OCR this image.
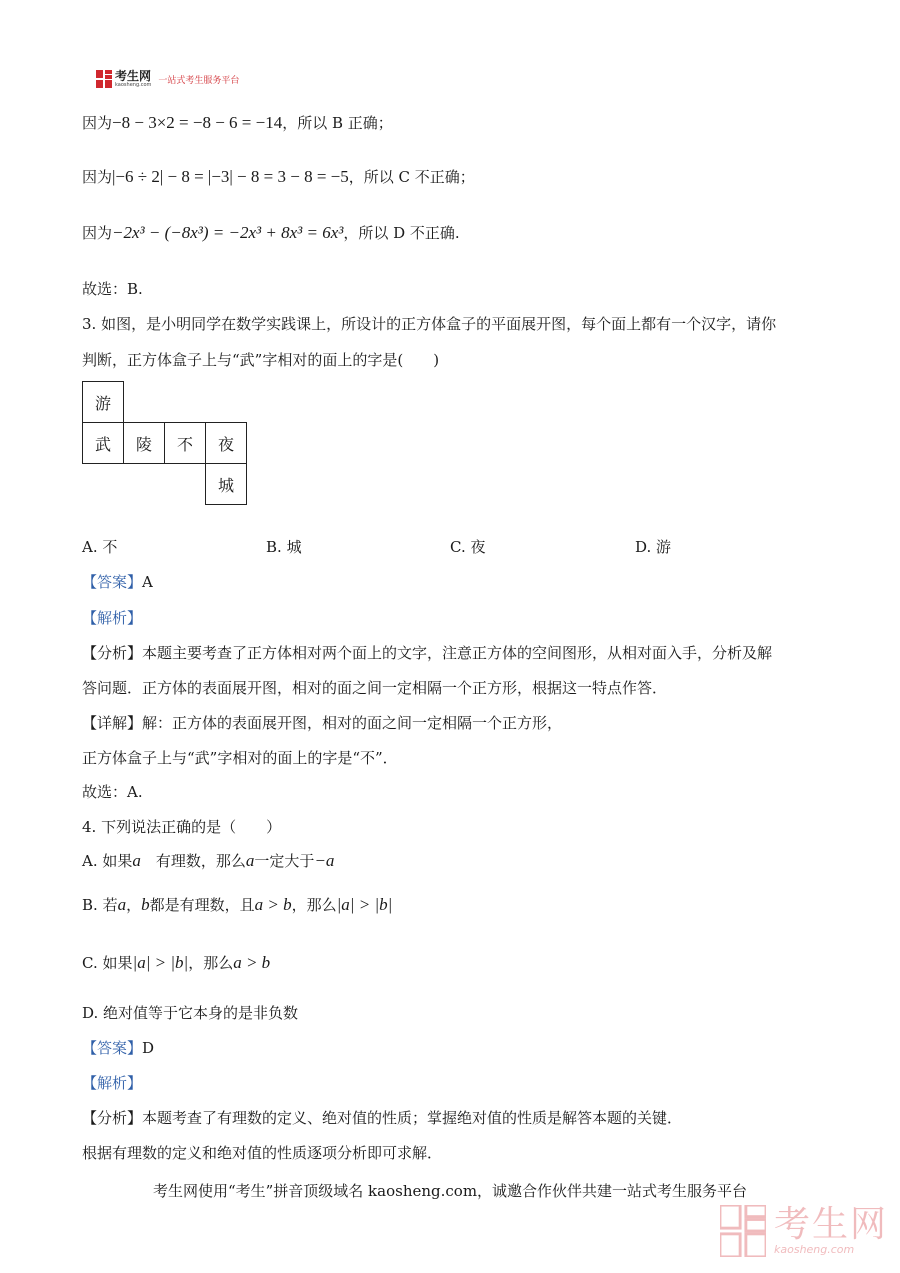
考生网
kaosheng.com 一站式考生服务平台
因为−8 − 3×2 = −8 − 6 = −14，所以 B 正确；
因为|−6 ÷ 2| − 8 = |−3| − 8 = 3 − 8 = −5，所以 C 不正确；
因为−2x³ − (−8x³) = −2x³ + 8x³ = 6x³，所以 D 不正确.
故选：B.
3. 如图，是小明同学在数学实践课上，所设计的正方体盒子的平面展开图，每个面上都有一个汉字，请你
判断，正方体盒子上与“武”字相对的面上的字是(　　)
游			
武	陵	不	夜
			城
A. 不	B. 城	C. 夜	D. 游
【答案】A
【解析】
【分析】本题主要考查了正方体相对两个面上的文字，注意正方体的空间图形，从相对面入手，分析及解
答问题．正方体的表面展开图，相对的面之间一定相隔一个正方形，根据这一特点作答．
【详解】解：正方体的表面展开图，相对的面之间一定相隔一个正方形，
正方体盒子上与“武”字相对的面上的字是“不”．
故选：A.
4. 下列说法正确的是（　　）
A. 如果a  有理数，那么a一定大于−a
B. 若a，b都是有理数，且a > b，那么|a| > |b|
C. 如果|a| > |b|，那么a > b
D. 绝对值等于它本身的是非负数
【答案】D
【解析】
【分析】本题考查了有理数的定义、绝对值的性质；掌握绝对值的性质是解答本题的关键．
根据有理数的定义和绝对值的性质逐项分析即可求解．
考生网使用“考生”拼音顶级域名 kaosheng.com，诚邀合作伙伴共建一站式考生服务平台
考生网
kaosheng.com
